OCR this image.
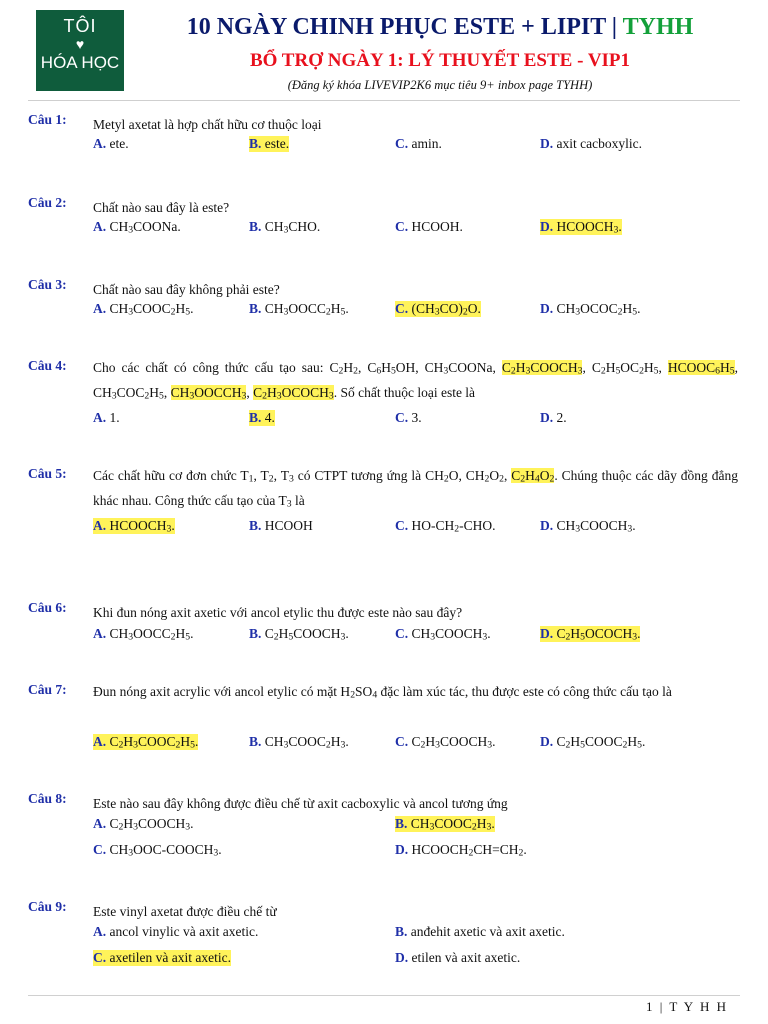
TÔI
♥
HÓA HỌC
10 NGÀY CHINH PHỤC ESTE + LIPIT | TYHH
BỔ TRỢ NGÀY 1: LÝ THUYẾT ESTE - VIP1
(Đăng ký khóa LIVEVIP2K6 mục tiêu 9+ inbox page TYHH)
Câu 1: Metyl axetat là hợp chất hữu cơ thuộc loại
A. ete.	B. este.	C. amin.	D. axit cacboxylic.
Câu 2: Chất nào sau đây là este?
A. $CH_3COONa$.	B. $CH_3CHO$.	C. HCOOH.	D. $HCOOCH_3$.
Câu 3: Chất nào sau đây không phải este?
A. $CH_3COOC_2H_5$.	B. $CH_3OOCC_2H_5$.	C. $(CH_3CO)_2O$.	D. $CH_3OCOC_2H_5$.
Câu 4: Cho các chất có công thức cấu tạo sau: $C_2H_2$, $C_6H_5OH$, $CH_3COONa$, $C_2H_3COOCH_3$, $C_2H_5OC_2H_5$, $HCOOC_6H_5$, $CH_3COC_2H_5$, $CH_3OOCCH_3$, $C_2H_3OCOCH_3$. Số chất thuộc loại este là
A. 1.	B. 4.	C. 3.	D. 2.
Câu 5: Các chất hữu cơ đơn chức $T_1$, $T_2$, $T_3$ có CTPT tương ứng là $CH_2O$, $CH_2O_2$, $C_2H_4O_2$. Chúng thuộc các dãy đồng đẳng khác nhau. Công thức cấu tạo của $T_3$ là
A. $HCOOCH_3$.	B. HCOOH	C. $HO-CH_2$-CHO.	D. $CH_3COOCH_3$.
Câu 6: Khi đun nóng axit axetic với ancol etylic thu được este nào sau đây?
A. $CH_3OOCC_2H_5$.	B. $C_2H_5COOCH_3$.	C. $CH_3COOCH_3$.	D. $C_2H_5OCOCH_3$.
Câu 7: Đun nóng axit acrylic với ancol etylic có mặt $H_2SO_4$ đặc làm xúc tác, thu được este có công thức cấu tạo là
A. $C_2H_3COOC_2H_5$.	B. $CH_3COOC_2H_3$.	C. $C_2H_3COOCH_3$.	D. $C_2H_5COOC_2H_5$.
Câu 8: Este nào sau đây không được điều chế từ axit cacboxylic và ancol tương ứng
A. $C_2H_3COOCH_3$.	B. $CH_3COOC_2H_3$.
C. $CH_3OOC-COOCH_3$.	D. $HCOOCH_2CH=CH_2$.
Câu 9: Este vinyl axetat được điều chế từ
A. ancol vinylic và axit axetic.	B. anđehit axetic và axit axetic.
C. axetilen và axit axetic.	D. etilen và axit axetic.
1 | T Y H H
